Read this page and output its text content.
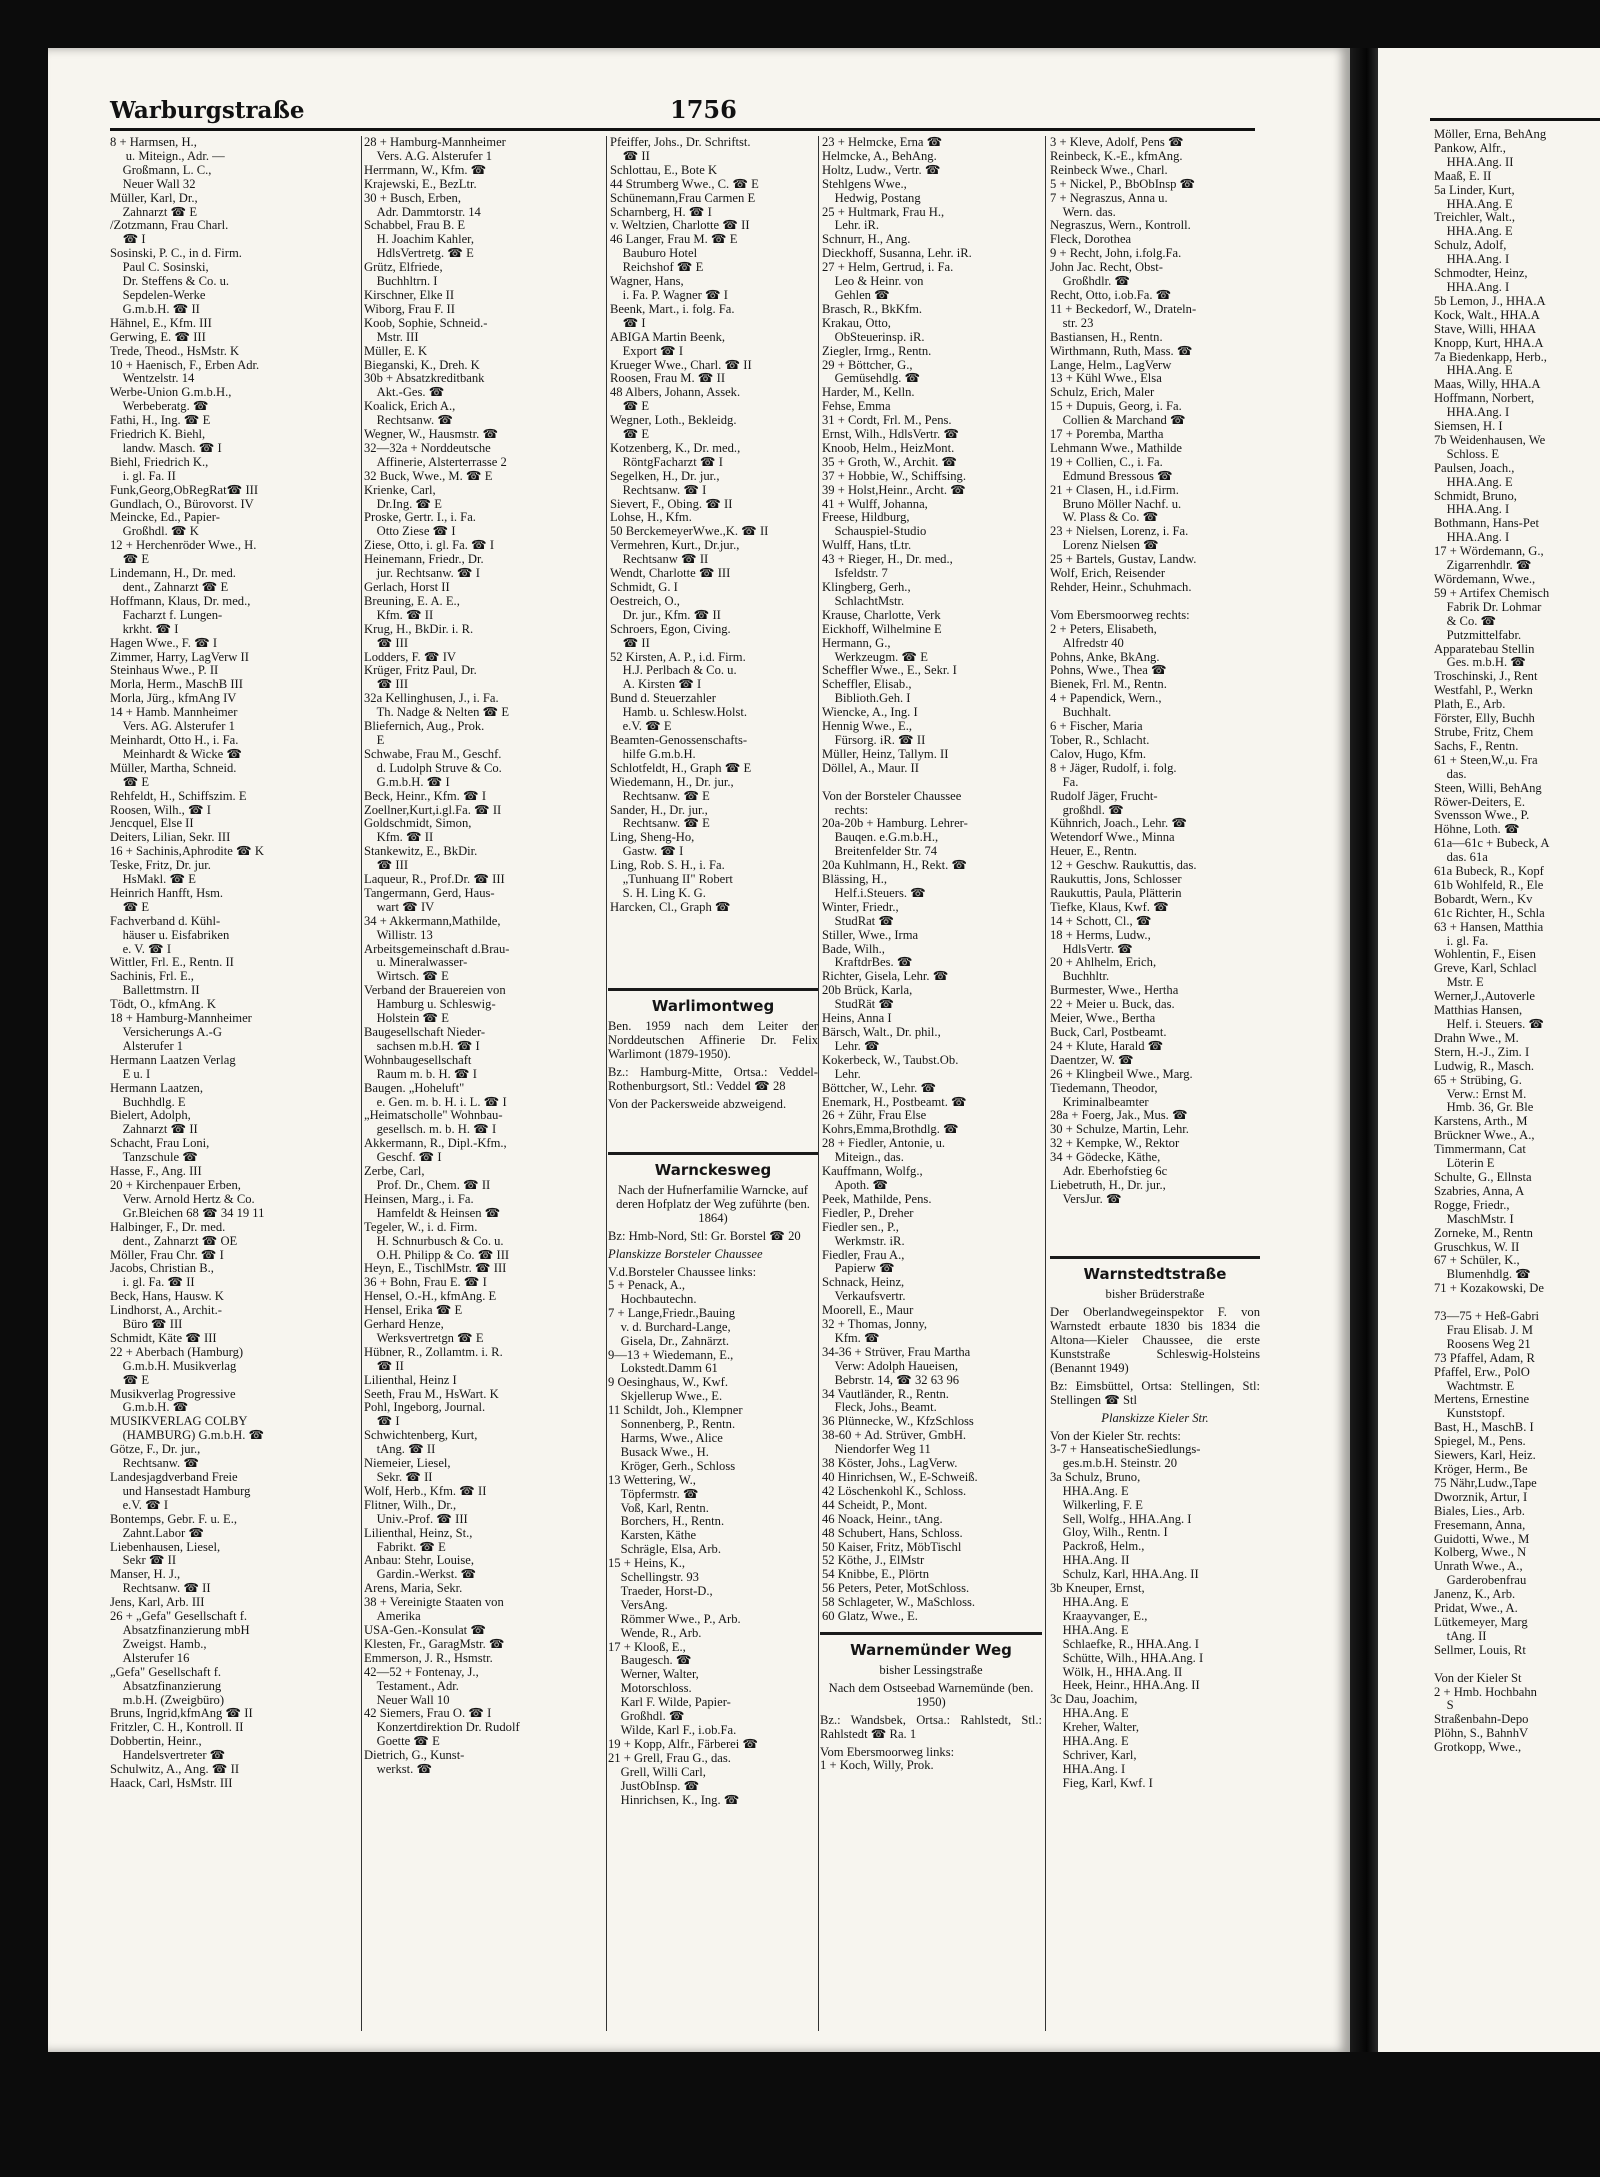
Warburgstraße	1756
8 + Harmsen, H.,
  u. Miteign., Adr. —
 Großmann, L. C.,
 Neuer Wall 32
Müller, Karl, Dr.,
 Zahnarzt ☎ E
/Zotzmann, Frau Charl.
 ☎ I
Sosinski, P. C., in d. Firm.
 Paul C. Sosinski,
 Dr. Steffens & Co. u.
 Sepdelen-Werke
 G.m.b.H. ☎ II
Hähnel, E., Kfm. III
Gerwing, E. ☎ III
Trede, Theod., HsMstr. K
10 + Haenisch, F., Erben Adr.
 Wentzelstr. 14
Werbe-Union G.m.b.H.,
 Werbeberatg. ☎
Fathi, H., Ing. ☎ E
Friedrich K. Biehl,
 landw. Masch. ☎ I
Biehl, Friedrich K.,
 i. gl. Fa. II
Funk,Georg,ObRegRat☎ III
Gundlach, O., Bürovorst. IV
Meincke, Ed., Papier-
 Großhdl. ☎ K
12 + Herchenröder Wwe., H.
 ☎ E
Lindemann, H., Dr. med.
 dent., Zahnarzt ☎ E
Hoffmann, Klaus, Dr. med.,
 Facharzt f. Lungen-
 krkht. ☎ I
Hagen Wwe., F. ☎ I
Zimmer, Harry, LagVerw II
Steinhaus Wwe., P. II
Morla, Herm., MaschB III
Morla, Jürg., kfmAng IV
14 + Hamb. Mannheimer
 Vers. AG. Alsterufer 1
Meinhardt, Otto H., i. Fa.
 Meinhardt & Wicke ☎
Müller, Martha, Schneid.
 ☎ E
Rehfeldt, H., Schiffszim. E
Roosen, Wilh., ☎ I
Jencquel, Else II
Deiters, Lilian, Sekr. III
16 + Sachinis,Aphrodite ☎ K
Teske, Fritz, Dr. jur.
 HsMakl. ☎ E
Heinrich Hanfft, Hsm.
 ☎ E
Fachverband d. Kühl-
 häuser u. Eisfabriken
 e. V. ☎ I
Wittler, Frl. E., Rentn. II
Sachinis, Frl. E.,
 Ballettmstrn. II
Tödt, O., kfmAng. K
18 + Hamburg-Mannheimer
 Versicherungs A.-G
 Alsterufer 1
Hermann Laatzen Verlag
 E u. I
Hermann Laatzen,
 Buchhdlg. E
Bielert, Adolph,
 Zahnarzt ☎ II
Schacht, Frau Loni,
 Tanzschule ☎
Hasse, F., Ang. III
20 + Kirchenpauer Erben,
 Verw. Arnold Hertz & Co.
 Gr.Bleichen 68 ☎ 34 19 11
Halbinger, F., Dr. med.
 dent., Zahnarzt ☎ OE
Möller, Frau Chr. ☎ I
Jacobs, Christian B.,
 i. gl. Fa. ☎ II
Beck, Hans, Hausw. K
Lindhorst, A., Archit.-
 Büro ☎ III
Schmidt, Käte ☎ III
22 + Aberbach (Hamburg)
 G.m.b.H. Musikverlag
 ☎ E
Musikverlag Progressive
 G.m.b.H. ☎
MUSIKVERLAG COLBY
 (HAMBURG) G.m.b.H. ☎
Götze, F., Dr. jur.,
 Rechtsanw. ☎
Landesjagdverband Freie
 und Hansestadt Hamburg
 e.V. ☎ I
Bontemps, Gebr. F. u. E.,
 Zahnt.Labor ☎
Liebenhausen, Liesel,
 Sekr ☎ II
Manser, H. J.,
 Rechtsanw. ☎ II
Jens, Karl, Arb. III
26 + „Gefa" Gesellschaft f.
 Absatzfinanzierung mbH
 Zweigst. Hamb.,
 Alsterufer 16
„Gefa" Gesellschaft f.
 Absatzfinanzierung
 m.b.H. (Zweigbüro)
Bruns, Ingrid,kfmAng ☎ II
Fritzler, C. H., Kontroll. II
Dobbertin, Heinr.,
 Handelsvertreter ☎
Schulwitz, A., Ang. ☎ II
Haack, Carl, HsMstr. III
28 + Hamburg-Mannheimer
 Vers. A.G. Alsterufer 1
Herrmann, W., Kfm. ☎
Krajewski, E., BezLtr.
30 + Busch, Erben,
 Adr. Dammtorstr. 14
Schabbel, Frau B. E
 H. Joachim Kahler,
 HdlsVertretg. ☎ E
Grütz, Elfriede,
 Buchhltrn. I
Kirschner, Elke II
Wiborg, Frau F. II
Koob, Sophie, Schneid.-
 Mstr. III
Müller, E. K
Bieganski, K., Dreh. K
30b + Absatzkreditbank
 Akt.-Ges. ☎
Koalick, Erich A.,
 Rechtsanw. ☎
Wegner, W., Hausmstr. ☎
32—32a + Norddeutsche
 Affinerie, Alsterterrasse 2
32 Buck, Wwe., M. ☎ E
Krienke, Carl,
 Dr.Ing. ☎ E
Proske, Gertr. I., i. Fa.
 Otto Ziese ☎ I
Ziese, Otto, i. gl. Fa. ☎ I
Heinemann, Friedr., Dr.
 jur. Rechtsanw. ☎ I
Gerlach, Horst II
Breuning, E. A. E.,
 Kfm. ☎ II
Krug, H., BkDir. i. R.
 ☎ III
Lodders, F. ☎ IV
Krüger, Fritz Paul, Dr.
 ☎ III
32a Kellinghusen, J., i. Fa.
 Th. Nadge & Nelten ☎ E
Bliefernich, Aug., Prok.
 E
Schwabe, Frau M., Geschf.
 d. Ludolph Struve & Co.
 G.m.b.H. ☎ I
Beck, Heinr., Kfm. ☎ I
Zoellner,Kurt,i.gl.Fa. ☎ II
Goldschmidt, Simon,
 Kfm. ☎ II
Stankewitz, E., BkDir.
 ☎ III
Laqueur, R., Prof.Dr. ☎ III
Tangermann, Gerd, Haus-
 wart ☎ IV
34 + Akkermann,Mathilde,
 Willistr. 13
Arbeitsgemeinschaft d.Brau-
 u. Mineralwasser-
 Wirtsch. ☎ E
Verband der Brauereien von
 Hamburg u. Schleswig-
 Holstein ☎ E
Baugesellschaft Nieder-
 sachsen m.b.H. ☎ I
Wohnbaugesellschaft
 Raum m. b. H. ☎ I
Baugen. „Hoheluft"
 e. Gen. m. b. H. i. L. ☎ I
„Heimatscholle" Wohnbau-
 gesellsch. m. b. H. ☎ I
Akkermann, R., Dipl.-Kfm.,
 Geschf. ☎ I
Zerbe, Carl,
 Prof. Dr., Chem. ☎ II
Heinsen, Marg., i. Fa.
 Hamfeldt & Heinsen ☎
Tegeler, W., i. d. Firm.
 H. Schnurbusch & Co. u.
 O.H. Philipp & Co. ☎ III
Heyn, E., TischlMstr. ☎ III
36 + Bohn, Frau E. ☎ I
Hensel, O.-H., kfmAng. E
Hensel, Erika ☎ E
Gerhard Henze,
 Werksvertretgn ☎ E
Hübner, R., Zollamtm. i. R.
 ☎ II
Lilienthal, Heinz I
Seeth, Frau M., HsWart. K
Pohl, Ingeborg, Journal.
 ☎ I
Schwichtenberg, Kurt,
 tAng. ☎ II
Niemeier, Liesel,
 Sekr. ☎ II
Wolf, Herb., Kfm. ☎ II
Flitner, Wilh., Dr.,
 Univ.-Prof. ☎ III
Lilienthal, Heinz, St.,
 Fabrikt. ☎ E
Anbau: Stehr, Louise,
 Gardin.-Werkst. ☎
Arens, Maria, Sekr.
38 + Vereinigte Staaten von
 Amerika
USA-Gen.-Konsulat ☎
Klesten, Fr., GaragMstr. ☎
Emmerson, J. R., Hsmstr.
42—52 + Fontenay, J.,
 Testament., Adr.
 Neuer Wall 10
42 Siemers, Frau O. ☎ I
 Konzertdirektion Dr. Rudolf
 Goette ☎ E
Dietrich, G., Kunst-
 werkst. ☎
Pfeiffer, Johs., Dr. Schriftst.
 ☎ II
Schlottau, E., Bote K
44 Strumberg Wwe., C. ☎ E
Schünemann,Frau Carmen E
Scharnberg, H. ☎ I
v. Weltzien, Charlotte ☎ II
46 Langer, Frau M. ☎ E
 Bauburo Hotel
 Reichshof ☎ E
Wagner, Hans,
 i. Fa. P. Wagner ☎ I
Beenk, Mart., i. folg. Fa.
 ☎ I
ABIGA Martin Beenk,
 Export ☎ I
Krueger Wwe., Charl. ☎ II
Roosen, Frau M. ☎ II
48 Albers, Johann, Assek.
 ☎ E
Wegner, Loth., Bekleidg.
 ☎ E
Kotzenberg, K., Dr. med.,
 RöntgFacharzt ☎ I
Segelken, H., Dr. jur.,
 Rechtsanw. ☎ I
Sievert, F., Obing. ☎ II
Lohse, H., Kfm.
50 BerckemeyerWwe.,K. ☎ II
Vermehren, Kurt., Dr.jur.,
 Rechtsanw ☎ II
Wendt, Charlotte ☎ III
Schmidt, G. I
Oestreich, O.,
 Dr. jur., Kfm. ☎ II
Schroers, Egon, Civing.
 ☎ II
52 Kirsten, A. P., i.d. Firm.
 H.J. Perlbach & Co. u.
 A. Kirsten ☎ I
Bund d. Steuerzahler
 Hamb. u. Schlesw.Holst.
 e.V. ☎ E
Beamten-Genossenschafts-
 hilfe G.m.b.H.
Schlotfeldt, H., Graph ☎ E
Wiedemann, H., Dr. jur.,
 Rechtsanw. ☎ E
Sander, H., Dr. jur.,
 Rechtsanw. ☎ E
Ling, Sheng-Ho,
 Gastw. ☎ I
Ling, Rob. S. H., i. Fa.
 „Tunhuang II" Robert
 S. H. Ling K. G.
Harcken, Cl., Graph ☎
Warlimontweg
Ben. 1959 nach dem Leiter der Norddeutschen Affinerie Dr. Felix Warlimont (1879-1950).
Bz.: Hamburg-Mitte, Ortsa.: Veddel-Rothenburgsort, Stl.: Veddel ☎ 28
Von der Packersweide abzweigend.
Warnckesweg
Nach der Hufnerfamilie Warncke, auf deren Hofplatz der Weg zuführte (ben. 1864)
Bz: Hmb-Nord, Stl: Gr. Borstel ☎ 20
Planskizze Borsteler Chaussee
V.d.Borsteler Chaussee links:
5 + Penack, A.,
 Hochbautechn.
7 + Lange,Friedr.,Bauing
 v. d. Burchard-Lange,
 Gisela, Dr., Zahnärzt.
9—13 + Wiedemann, E.,
 Lokstedt.Damm 61
9 Oesinghaus, W., Kwf.
 Skjellerup Wwe., E.
11 Schildt, Joh., Klempner
 Sonnenberg, P., Rentn.
 Harms, Wwe., Alice
 Busack Wwe., H.
 Kröger, Gerh., Schloss
13 Wettering, W.,
 Töpfermstr. ☎
 Voß, Karl, Rentn.
 Borchers, H., Rentn.
 Karsten, Käthe
 Schrägle, Elsa, Arb.
15 + Heins, K.,
 Schellingstr. 93
 Traeder, Horst-D.,
 VersAng.
 Römmer Wwe., P., Arb.
 Wende, R., Arb.
17 + Klooß, E.,
 Baugesch. ☎
 Werner, Walter,
 Motorschloss.
 Karl F. Wilde, Papier-
 Großhdl. ☎
 Wilde, Karl F., i.ob.Fa.
19 + Kopp, Alfr., Färberei ☎
21 + Grell, Frau G., das.
 Grell, Willi Carl,
 JustObInsp. ☎
 Hinrichsen, K., Ing. ☎
23 + Helmcke, Erna ☎
Helmcke, A., BehAng.
Holtz, Ludw., Vertr. ☎
Stehlgens Wwe.,
 Hedwig, Postang
25 + Hultmark, Frau H.,
 Lehr. iR.
Schnurr, H., Ang.
Dieckhoff, Susanna, Lehr. iR.
27 + Helm, Gertrud, i. Fa.
 Leo & Heinr. von
 Gehlen ☎
Brasch, R., BkKfm.
Krakau, Otto,
 ObSteuerinsp. iR.
Ziegler, Irmg., Rentn.
29 + Böttcher, G.,
 Gemüsehdlg. ☎
Harder, M., Kelln.
Fehse, Emma
31 + Cordt, Frl. M., Pens.
Ernst, Wilh., HdlsVertr. ☎
Knoob, Helm., HeizMont.
35 + Groth, W., Archit. ☎
37 + Hobbie, W., Schiffsing.
39 + Holst,Heinr., Archt. ☎
41 + Wulff, Johanna,
Freese, Hildburg,
 Schauspiel-Studio
Wulff, Hans, tLtr.
43 + Rieger, H., Dr. med.,
 Isfeldstr. 7
Klingberg, Gerh.,
 SchlachtMstr.
Krause, Charlotte, Verk
Eickhoff, Wilhelmine E
Hermann, G.,
 Werkzeugm. ☎ E
Scheffler Wwe., E., Sekr. I
Scheffler, Elisab.,
 Biblioth.Geh. I
Wiencke, A., Ing. I
Hennig Wwe., E.,
 Fürsorg. iR. ☎ II
Müller, Heinz, Tallym. II
Döllel, A., Maur. II

Von der Borsteler Chaussee
 rechts:
20a-20b + Hamburg. Lehrer-
 Bauqen. e.G.m.b.H.,
 Breitenfelder Str. 74
20a Kuhlmann, H., Rekt. ☎
Blässing, H.,
 Helf.i.Steuers. ☎
Winter, Friedr.,
 StudRat ☎
Stiller, Wwe., Irma
Bade, Wilh.,
 KraftdrBes. ☎
Richter, Gisela, Lehr. ☎
20b Brück, Karla,
 StudRät ☎
Heins, Anna I
Bärsch, Walt., Dr. phil.,
 Lehr. ☎
Kokerbeck, W., Taubst.Ob.
 Lehr.
Böttcher, W., Lehr. ☎
Enemark, H., Postbeamt. ☎
26 + Zühr, Frau Else
Kohrs,Emma,Brothdlg. ☎
28 + Fiedler, Antonie, u.
 Miteign., das.
Kauffmann, Wolfg.,
 Apoth. ☎
Peek, Mathilde, Pens.
Fiedler, P., Dreher
Fiedler sen., P.,
 Werkmstr. iR.
Fiedler, Frau A.,
 Papierw ☎
Schnack, Heinz,
 Verkaufsvertr.
Moorell, E., Maur
32 + Thomas, Jonny,
 Kfm. ☎
34-36 + Strüver, Frau Martha
 Verw: Adolph Haueisen,
 Bebrstr. 14, ☎ 32 63 96
34 Vautländer, R., Rentn.
 Fleck, Johs., Beamt.
36 Plünnecke, W., KfzSchloss
38-60 + Ad. Strüver, GmbH.
 Niendorfer Weg 11
38 Köster, Johs., LagVerw.
40 Hinrichsen, W., E-Schweiß.
42 Löschenkohl K., Schloss.
44 Scheidt, P., Mont.
46 Noack, Heinr., tAng.
48 Schubert, Hans, Schloss.
50 Kaiser, Fritz, MöbTischl
52 Köthe, J., ElMstr
54 Knibbe, E., Plörtn
56 Peters, Peter, MotSchloss.
58 Schlageter, W., MaSchloss.
60 Glatz, Wwe., E.
Warnemünder Weg
bisher Lessingstraße
Nach dem Ostseebad Warnemünde (ben. 1950)
Bz.: Wandsbek, Ortsa.: Rahlstedt, Stl.: Rahlstedt ☎ Ra. 1
Vom Ebersmoorweg links:
1 + Koch, Willy, Prok.
3 + Kleve, Adolf, Pens ☎
Reinbeck, K.-E., kfmAng.
Reinbeck Wwe., Charl.
5 + Nickel, P., BbObInsp ☎
7 + Negraszus, Anna u.
 Wern. das.
Negraszus, Wern., Kontroll.
Fleck, Dorothea
9 + Recht, John, i.folg.Fa.
John Jac. Recht, Obst-
 Großhdlr. ☎
Recht, Otto, i.ob.Fa. ☎
11 + Beckedorf, W., Drateln-
 str. 23
Bastiansen, H., Rentn.
Wirthmann, Ruth, Mass. ☎
Lange, Helm., LagVerw
13 + Kühl Wwe., Elsa
Schulz, Erich, Maler
15 + Dupuis, Georg, i. Fa.
 Collien & Marchand ☎
17 + Poremba, Martha
Lehmann Wwe., Mathilde
19 + Collien, C., i. Fa.
 Edmund Bressous ☎
21 + Clasen, H., i.d.Firm.
 Bruno Möller Nachf. u.
 W. Plass & Co. ☎
23 + Nielsen, Lorenz, i. Fa.
 Lorenz Nielsen ☎
25 + Bartels, Gustav, Landw.
Wolf, Erich, Reisender
Rehder, Heinr., Schuhmach.

Vom Ebersmoorweg rechts:
2 + Peters, Elisabeth,
 Alfredstr 40
Pohns, Anke, BkAng.
Pohns, Wwe., Thea ☎
Bienek, Frl. M., Rentn.
4 + Papendick, Wern.,
 Buchhalt.
6 + Fischer, Maria
Tober, R., Schlacht.
Calov, Hugo, Kfm.
8 + Jäger, Rudolf, i. folg.
 Fa.
Rudolf Jäger, Frucht-
 großhdl. ☎
Kühnrich, Joach., Lehr. ☎
Wetendorf Wwe., Minna
Heuer, E., Rentn.
12 + Geschw. Raukuttis, das.
Raukuttis, Jons, Schlosser
Raukuttis, Paula, Plätterin
Tiefke, Klaus, Kwf. ☎
14 + Schott, Cl., ☎
18 + Herms, Ludw.,
 HdlsVertr. ☎
20 + Ahlhelm, Erich,
 Buchhltr.
Burmester, Wwe., Hertha
22 + Meier u. Buck, das.
Meier, Wwe., Bertha
Buck, Carl, Postbeamt.
24 + Klute, Harald ☎
Daentzer, W. ☎
26 + Klingbeil Wwe., Marg.
Tiedemann, Theodor,
 Kriminalbeamter
28a + Foerg, Jak., Mus. ☎
30 + Schulze, Martin, Lehr.
32 + Kempke, W., Rektor
34 + Gödecke, Käthe,
 Adr. Eberhofstieg 6c
Liebetruth, H., Dr. jur.,
 VersJur. ☎
Warnstedtstraße
bisher Brüderstraße
Der Oberlandwegeinspektor F. von Warnstedt erbaute 1830 bis 1834 die Altona—Kieler Chaussee, die erste Kunststraße Schleswig-Holsteins (Benannt 1949)
Bz: Eimsbüttel, Ortsa: Stellingen, Stl: Stellingen ☎ Stl
Planskizze Kieler Str.
Von der Kieler Str. rechts:
3-7 + HanseatischeSiedlungs-
 ges.m.b.H. Steinstr. 20
3a Schulz, Bruno,
 HHA.Ang. E
 Wilkerling, F. E
 Sell, Wolfg., HHA.Ang. I
 Gloy, Wilh., Rentn. I
 Packroß, Helm.,
 HHA.Ang. II
 Schulz, Karl, HHA.Ang. II
3b Kneuper, Ernst,
 HHA.Ang. E
 Kraayvanger, E.,
 HHA.Ang. E
 Schlaefke, R., HHA.Ang. I
 Schütte, Wilh., HHA.Ang. I
 Wölk, H., HHA.Ang. II
 Heek, Heinr., HHA.Ang. II
3c Dau, Joachim,
 HHA.Ang. E
 Kreher, Walter,
 HHA.Ang. E
 Schriver, Karl,
 HHA.Ang. I
 Fieg, Karl, Kwf. I
Möller, Erna, BehAng
Pankow, Alfr.,
 HHA.Ang. II
Maaß, E. II
5a Linder, Kurt,
 HHA.Ang. E
Treichler, Walt.,
 HHA.Ang. E
Schulz, Adolf,
 HHA.Ang. I
Schmodter, Heinz,
 HHA.Ang. I
5b Lemon, J., HHA.A
Kock, Walt., HHA.A
Stave, Willi, HHAA
Knopp, Kurt, HHA.A
7a Biedenkapp, Herb.,
 HHA.Ang. E
Maas, Willy, HHA.A
Hoffmann, Norbert,
 HHA.Ang. I
Siemsen, H. I
7b Weidenhausen, We
 Schloss. E
Paulsen, Joach.,
 HHA.Ang. E
Schmidt, Bruno,
 HHA.Ang. I
Bothmann, Hans-Pet
 HHA.Ang. I
17 + Wördemann, G.,
 Zigarrenhdlr. ☎
Wördemann, Wwe.,
59 + Artifex Chemisch
 Fabrik Dr. Lohmar
 & Co. ☎
 Putzmittelfabr.
Apparatebau Stellin
 Ges. m.b.H. ☎
Troschinski, J., Rent
Westfahl, P., Werkn
Plath, E., Arb.
Förster, Elly, Buchh
Strube, Fritz, Chem
Sachs, F., Rentn.
61 + Steen,W.,u. Fra
 das.
Steen, Willi, BehAng
Röwer-Deiters, E.
Svensson Wwe., P.
Höhne, Loth. ☎
61a—61c + Bubeck, A
 das. 61a
61a Bubeck, R., Kopf
61b Wohlfeld, R., Ele
Bobardt, Wern., Kv
61c Richter, H., Schla
63 + Hansen, Matthia
 i. gl. Fa.
Wohlentin, F., Eisen
Greve, Karl, Schlacl
 Mstr. E
Werner,J.,Autoverle
Matthias Hansen,
 Helf. i. Steuers. ☎
Drahn Wwe., M.
Stern, H.-J., Zim. I
Ludwig, R., Masch.
65 + Strübing, G.
 Verw.: Ernst M.
 Hmb. 36, Gr. Ble
Karstens, Arth., M
Brückner Wwe., A.,
Timmermann, Cat
 Löterin E
Schulte, G., Ellnsta
Szabries, Anna, A
Rogge, Friedr.,
 MaschMstr. I
Zorneke, M., Rentn
Gruschkus, W. II
67 + Schüler, K.,
 Blumenhdlg. ☎
71 + Kozakowski, De

73—75 + Heß-Gabri
 Frau Elisab. J. M
 Roosens Weg 21
73 Pfaffel, Adam, R
Pfaffel, Erw., PolO
 Wachtmstr. E
Mertens, Ernestine
 Kunststopf.
Bast, H., MaschB. I
Spiegel, M., Pens.
Siewers, Karl, Heiz.
Kröger, Herm., Be
75 Nähr,Ludw.,Tape
Dworznik, Artur, I
Biales, Lies., Arb.
Fresemann, Anna,
Guidotti, Wwe., M
Kolberg, Wwe., N
Unrath Wwe., A.,
 Garderobenfrau
Janenz, K., Arb.
Pridat, Wwe., A.
Lütkemeyer, Marg
 tAng. II
Sellmer, Louis, Rt

Von der Kieler St
2 + Hmb. Hochbahn
 S
Straßenbahn-Depo
Plöhn, S., BahnhV
Grotkopp, Wwe.,
